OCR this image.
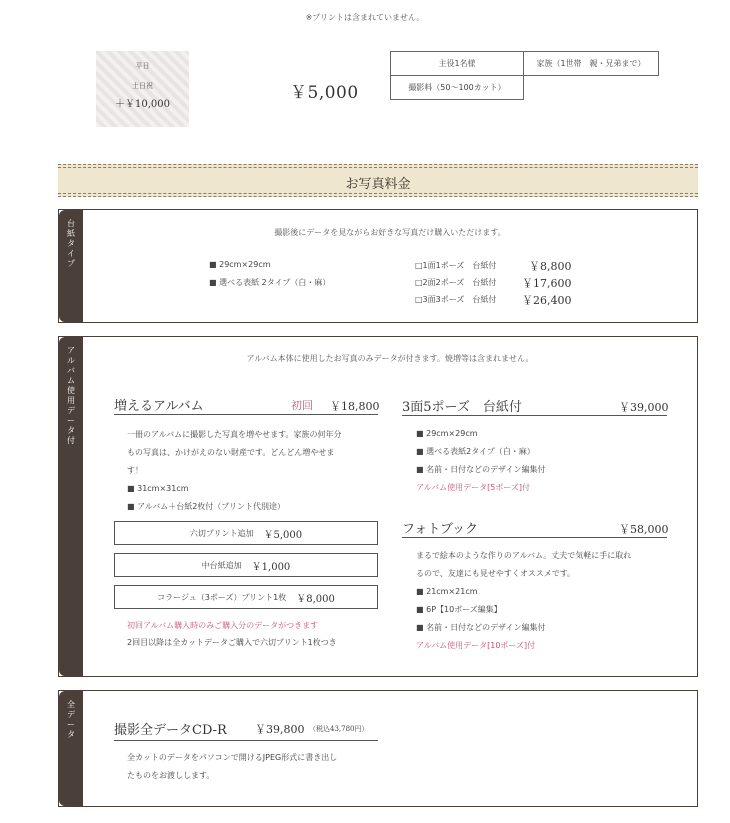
※プリントは含まれていません。
平日
土日祝
＋￥10,000
￥5,000
主役1名様	家族（1世帯　親・兄弟まで）
撮影料（50〜100カット）
お写真料金
台紙タイプ
撮影後にデータを見ながらお好きな写真だけ購入いただけます。
■ 29cm×29cm
■ 選べる表紙 2タイプ（白・麻）
□1面1ポーズ　台紙付	￥8,800
□2面2ポーズ　台紙付 ￥17,600
□3面3ポーズ　台紙付 ￥26,400
アルバム使用データ付
アルバム本体に使用したお写真のみデータが付きます。焼増等は含まれません。
増えるアルバム	初回 ￥18,800
一冊のアルバムに撮影した写真を増やせます。家族の何年分
もの写真は、かけがえのない財産です。どんどん増やせま
す！
■ 31cm×31cm
■ アルバム＋台紙2枚付（プリント代別途）
六切プリント追加 ￥5,000
中台紙追加 ￥1,000
コラージュ（3ポーズ）プリント1枚 ￥8,000
初回アルバム購入時のみご購入分のデータがつきます
2回目以降は全カットデータご購入で六切プリント1枚つき
3面5ポーズ　台紙付	￥39,000
■ 29cm×29cm
■ 選べる表紙2タイプ（白・麻）
■ 名前・日付などのデザイン編集付
アルバム使用データ[5ポーズ]付
フォトブック	￥58,000
まるで絵本のような作りのアルバム。丈夫で気軽に手に取れ
るので、友達にも見せやすくオススメです。
■ 21cm×21cm
■ 6P【10ポーズ編集】
■ 名前・日付などのデザイン編集付
アルバム使用データ[10ポーズ]付
全データ	撮影全データCD-R	￥39,800 （税込43,780円）
全カットのデータをパソコンで開けるJPEG形式に書き出し
たものをお渡しします。
